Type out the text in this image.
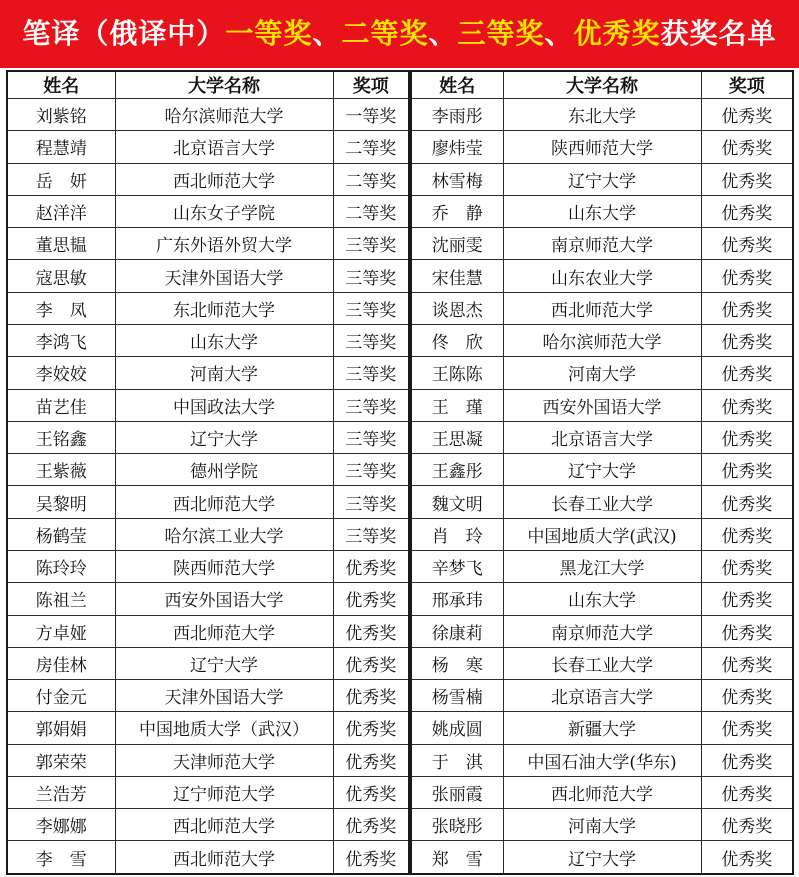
笔译（俄译中）一等奖、二等奖、三等奖、优秀奖获奖名单
姓名	大学名称	奖项
刘紫铭	哈尔滨师范大学	一等奖
程慧靖	北京语言大学	二等奖
岳　妍	西北师范大学	二等奖
赵洋洋	山东女子学院	二等奖
董思韫	广东外语外贸大学	三等奖
寇思敏	天津外国语大学	三等奖
李　凤	东北师范大学	三等奖
李鸿飞	山东大学	三等奖
李姣姣	河南大学	三等奖
苗艺佳	中国政法大学	三等奖
王铭鑫	辽宁大学	三等奖
王紫薇	德州学院	三等奖
吴黎明	西北师范大学	三等奖
杨鹤莹	哈尔滨工业大学	三等奖
陈玲玲	陕西师范大学	优秀奖
陈祖兰	西安外国语大学	优秀奖
方卓娅	西北师范大学	优秀奖
房佳林	辽宁大学	优秀奖
付金元	天津外国语大学	优秀奖
郭娟娟	中国地质大学（武汉）	优秀奖
郭荣荣	天津师范大学	优秀奖
兰浩芳	辽宁师范大学	优秀奖
李娜娜	西北师范大学	优秀奖
李　雪	西北师范大学	优秀奖
姓名	大学名称	奖项
李雨彤	东北大学	优秀奖
廖炜莹	陕西师范大学	优秀奖
林雪梅	辽宁大学	优秀奖
乔　静	山东大学	优秀奖
沈丽雯	南京师范大学	优秀奖
宋佳慧	山东农业大学	优秀奖
谈恩杰	西北师范大学	优秀奖
佟　欣	哈尔滨师范大学	优秀奖
王陈陈	河南大学	优秀奖
王　瑾	西安外国语大学	优秀奖
王思凝	北京语言大学	优秀奖
王鑫彤	辽宁大学	优秀奖
魏文明	长春工业大学	优秀奖
肖　玲	中国地质大学(武汉)	优秀奖
辛梦飞	黑龙江大学	优秀奖
邢承玮	山东大学	优秀奖
徐康莉	南京师范大学	优秀奖
杨　寒	长春工业大学	优秀奖
杨雪楠	北京语言大学	优秀奖
姚成圆	新疆大学	优秀奖
于　淇	中国石油大学(华东)	优秀奖
张丽霞	西北师范大学	优秀奖
张晓彤	河南大学	优秀奖
郑　雪	辽宁大学	优秀奖
